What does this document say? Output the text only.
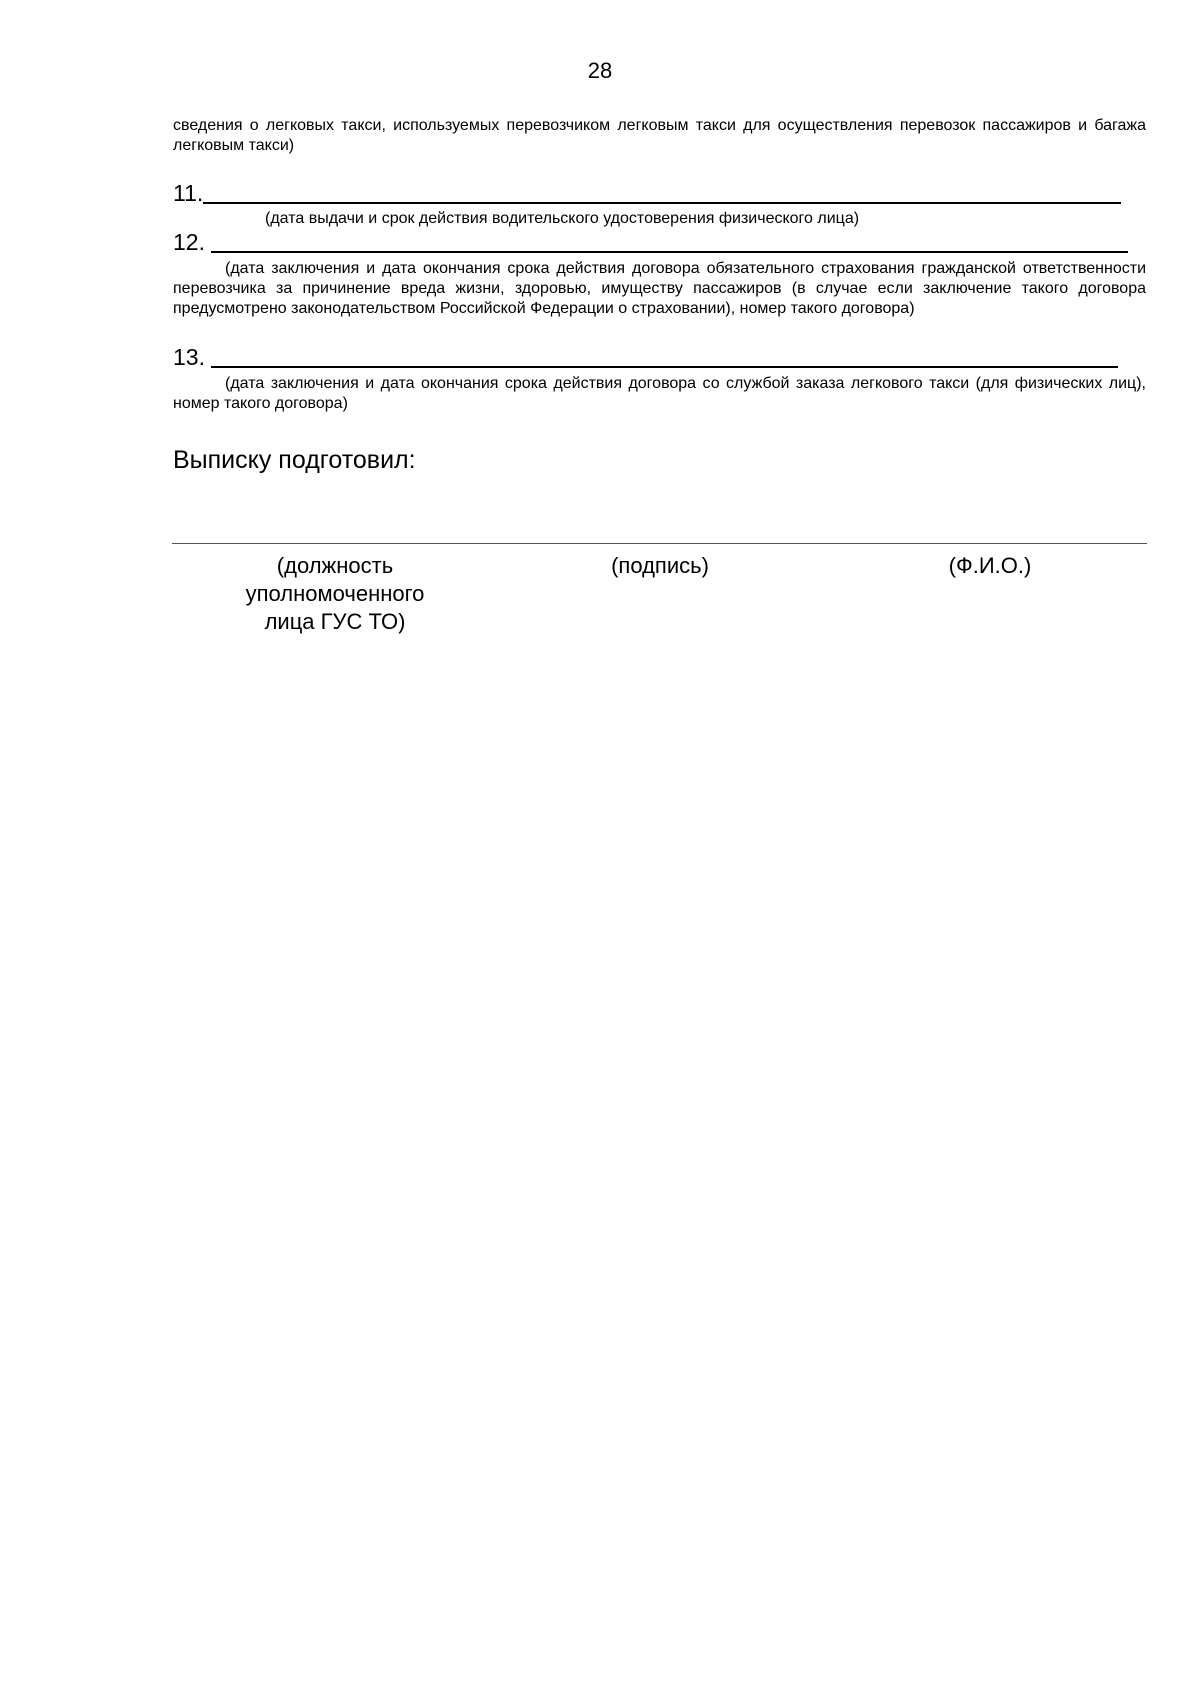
28
сведения о легковых такси, используемых перевозчиком легковым такси для осуществления перевозок пассажиров и багажа легковым такси)
11.
(дата выдачи и срок действия водительского удостоверения физического лица)
12.
(дата заключения и дата окончания срока действия договора обязательного страхования гражданской ответственности перевозчика за причинение вреда жизни, здоровью, имуществу пассажиров (в случае если заключение такого договора предусмотрено законодательством Российской Федерации о страховании), номер такого договора)
13.
(дата заключения и дата окончания срока действия договора со службой заказа легкового такси (для физических лиц), номер такого договора)
Выписку подготовил:
(должность уполномоченного лица ГУС ТО)
(подпись)	(Ф.И.О.)
